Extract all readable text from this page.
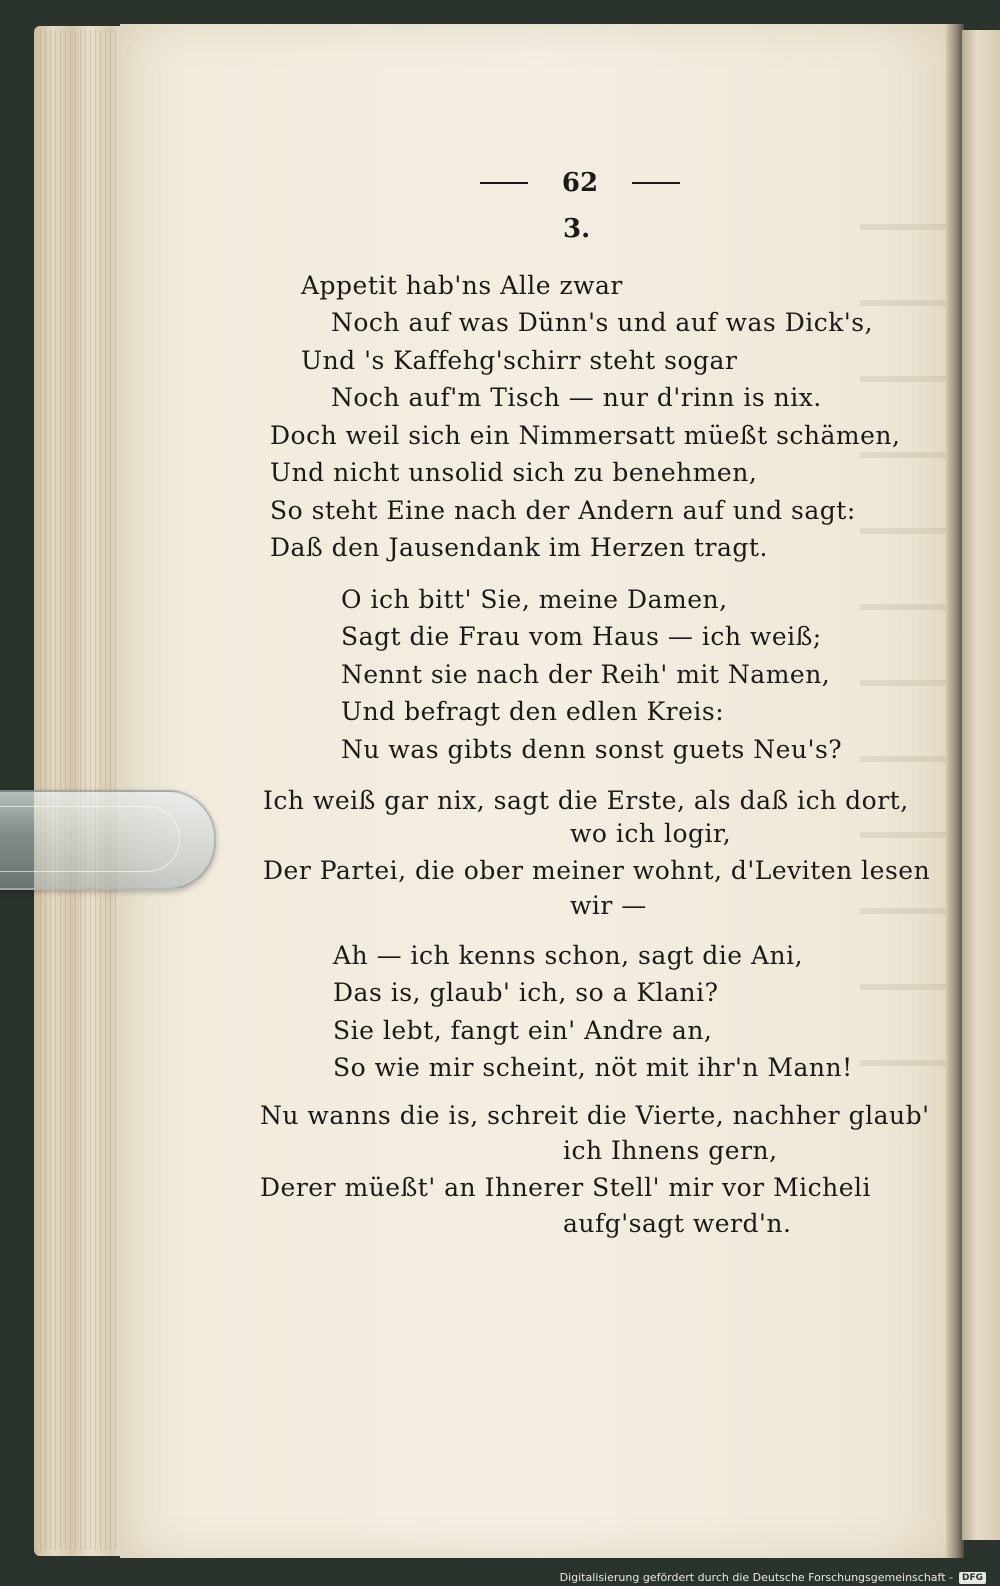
62
3.
Appetit hab'ns Alle zwar
Noch auf was Dünn's und auf was Dick's,
Und 's Kaffehg'schirr steht sogar
Noch auf'm Tisch — nur d'rinn is nix.
Doch weil sich ein Nimmersatt müeßt schämen,
Und nicht unsolid sich zu benehmen,
So steht Eine nach der Andern auf und sagt:
Daß den Jausendank im Herzen tragt.
O ich bitt' Sie, meine Damen,
Sagt die Frau vom Haus — ich weiß;
Nennt sie nach der Reih' mit Namen,
Und befragt den edlen Kreis:
Nu was gibts denn sonst guets Neu's?
Ich weiß gar nix, sagt die Erste, als daß ich dort,
wo ich logir,
Der Partei, die ober meiner wohnt, d'Leviten lesen
wir —
Ah — ich kenns schon, sagt die Ani,
Das is, glaub' ich, so a Klani?
Sie lebt, fangt ein' Andre an,
So wie mir scheint, nöt mit ihr'n Mann!
Nu wanns die is, schreit die Vierte, nachher glaub'
ich Ihnens gern,
Derer müeßt' an Ihnerer Stell' mir vor Micheli
aufg'sagt werd'n.
Digitalisierung gefördert durch die Deutsche Forschungsgemeinschaft -	DFG
